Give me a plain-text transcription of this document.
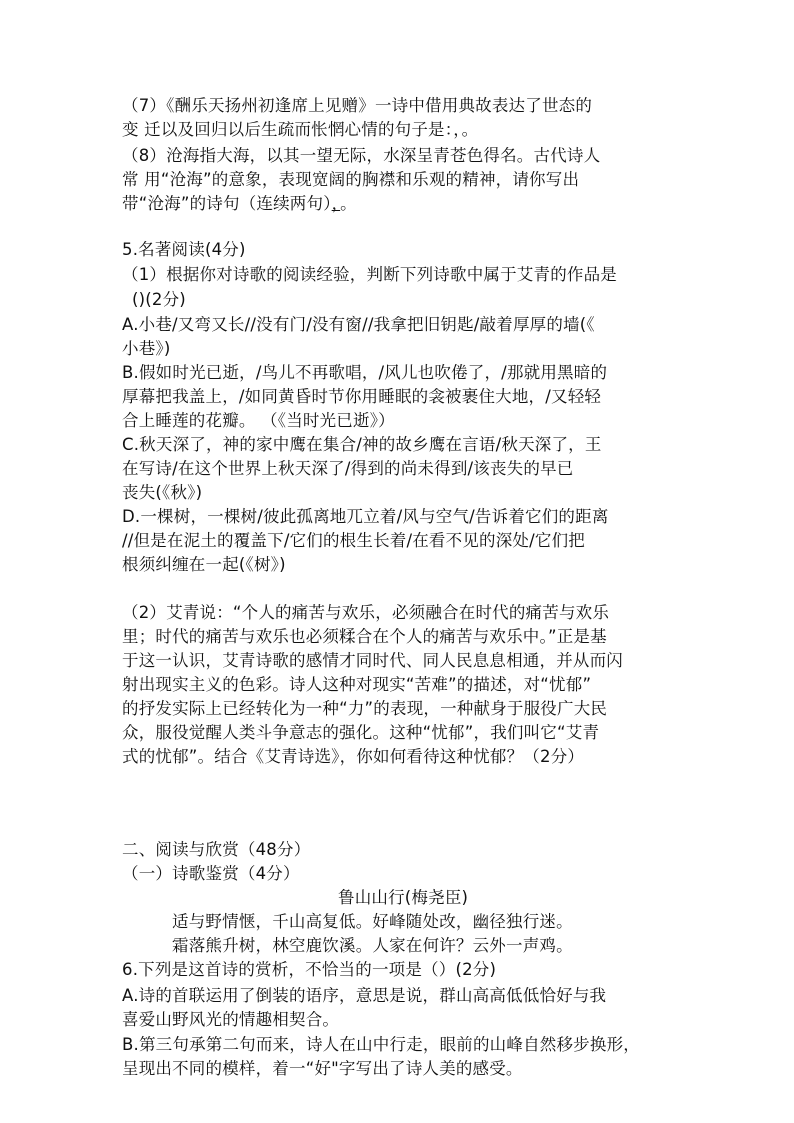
（7）《酬乐天扬州初逢席上见赠》一诗中借用典故表达了世态的
变 迁以及回归以后生疏而怅惘心情的句子是：，。
（8）沧海指大海，以其一望无际，水深呈青苍色得名。古代诗人
常 用“沧海”的意象，表现宽阔的胸襟和乐观的精神，请你写出
带“沧海”的诗句（连续两句），。
5.名著阅读(4分)
（1）根据你对诗歌的阅读经验，判断下列诗歌中属于艾青的作品是
()(2分)
A.小巷/又弯又长//没有门/没有窗//我拿把旧钥匙/敲着厚厚的墙(《
小巷》)
B.假如时光已逝，/鸟儿不再歌唱，/风儿也吹倦了，/那就用黑暗的
厚幕把我盖上，/如同黄昏时节你用睡眠的衾被裹住大地，/又轻轻
合上睡莲的花瓣。 （《当时光已逝》）
C.秋天深了，神的家中鹰在集合/神的故乡鹰在言语/秋天深了，王
在写诗/在这个世界上秋天深了/得到的尚未得到/该丧失的早已
丧失(《秋》)
D.一棵树，一棵树/彼此孤离地兀立着/风与空气/告诉着它们的距离
//但是在泥土的覆盖下/它们的根生长着/在看不见的深处/它们把
根须纠缠在一起(《树》)
（2）艾青说：“个人的痛苦与欢乐，必须融合在时代的痛苦与欢乐
里；时代的痛苦与欢乐也必须糅合在个人的痛苦与欢乐中。”正是基
于这一认识，艾青诗歌的感情才同时代、同人民息息相通，并从而闪
射出现实主义的色彩。诗人这种对现实“苦难”的描述，对“忧郁”
的抒发实际上已经转化为一种“力”的表现，一种献身于服役广大民
众，服役觉醒人类斗争意志的强化。这种“忧郁”，我们叫它“艾青
式的忧郁”。结合《艾青诗选》，你如何看待这种忧郁？（2分）
二、阅读与欣赏（48分）
（一）诗歌鉴赏（4分）
鲁山山行(梅尧臣)
适与野情惬，千山高复低。好峰随处改，幽径独行迷。
霜落熊升树，林空鹿饮溪。人家在何许？云外一声鸡。
6.下列是这首诗的赏析，不恰当的一项是（）(2分)
A.诗的首联运用了倒装的语序，意思是说，群山高高低低恰好与我
喜爱山野风光的情趣相契合。
B.第三句承第二句而来，诗人在山中行走，眼前的山峰自然移步换形，
呈现出不同的模样，着一“好"字写出了诗人美的感受。
